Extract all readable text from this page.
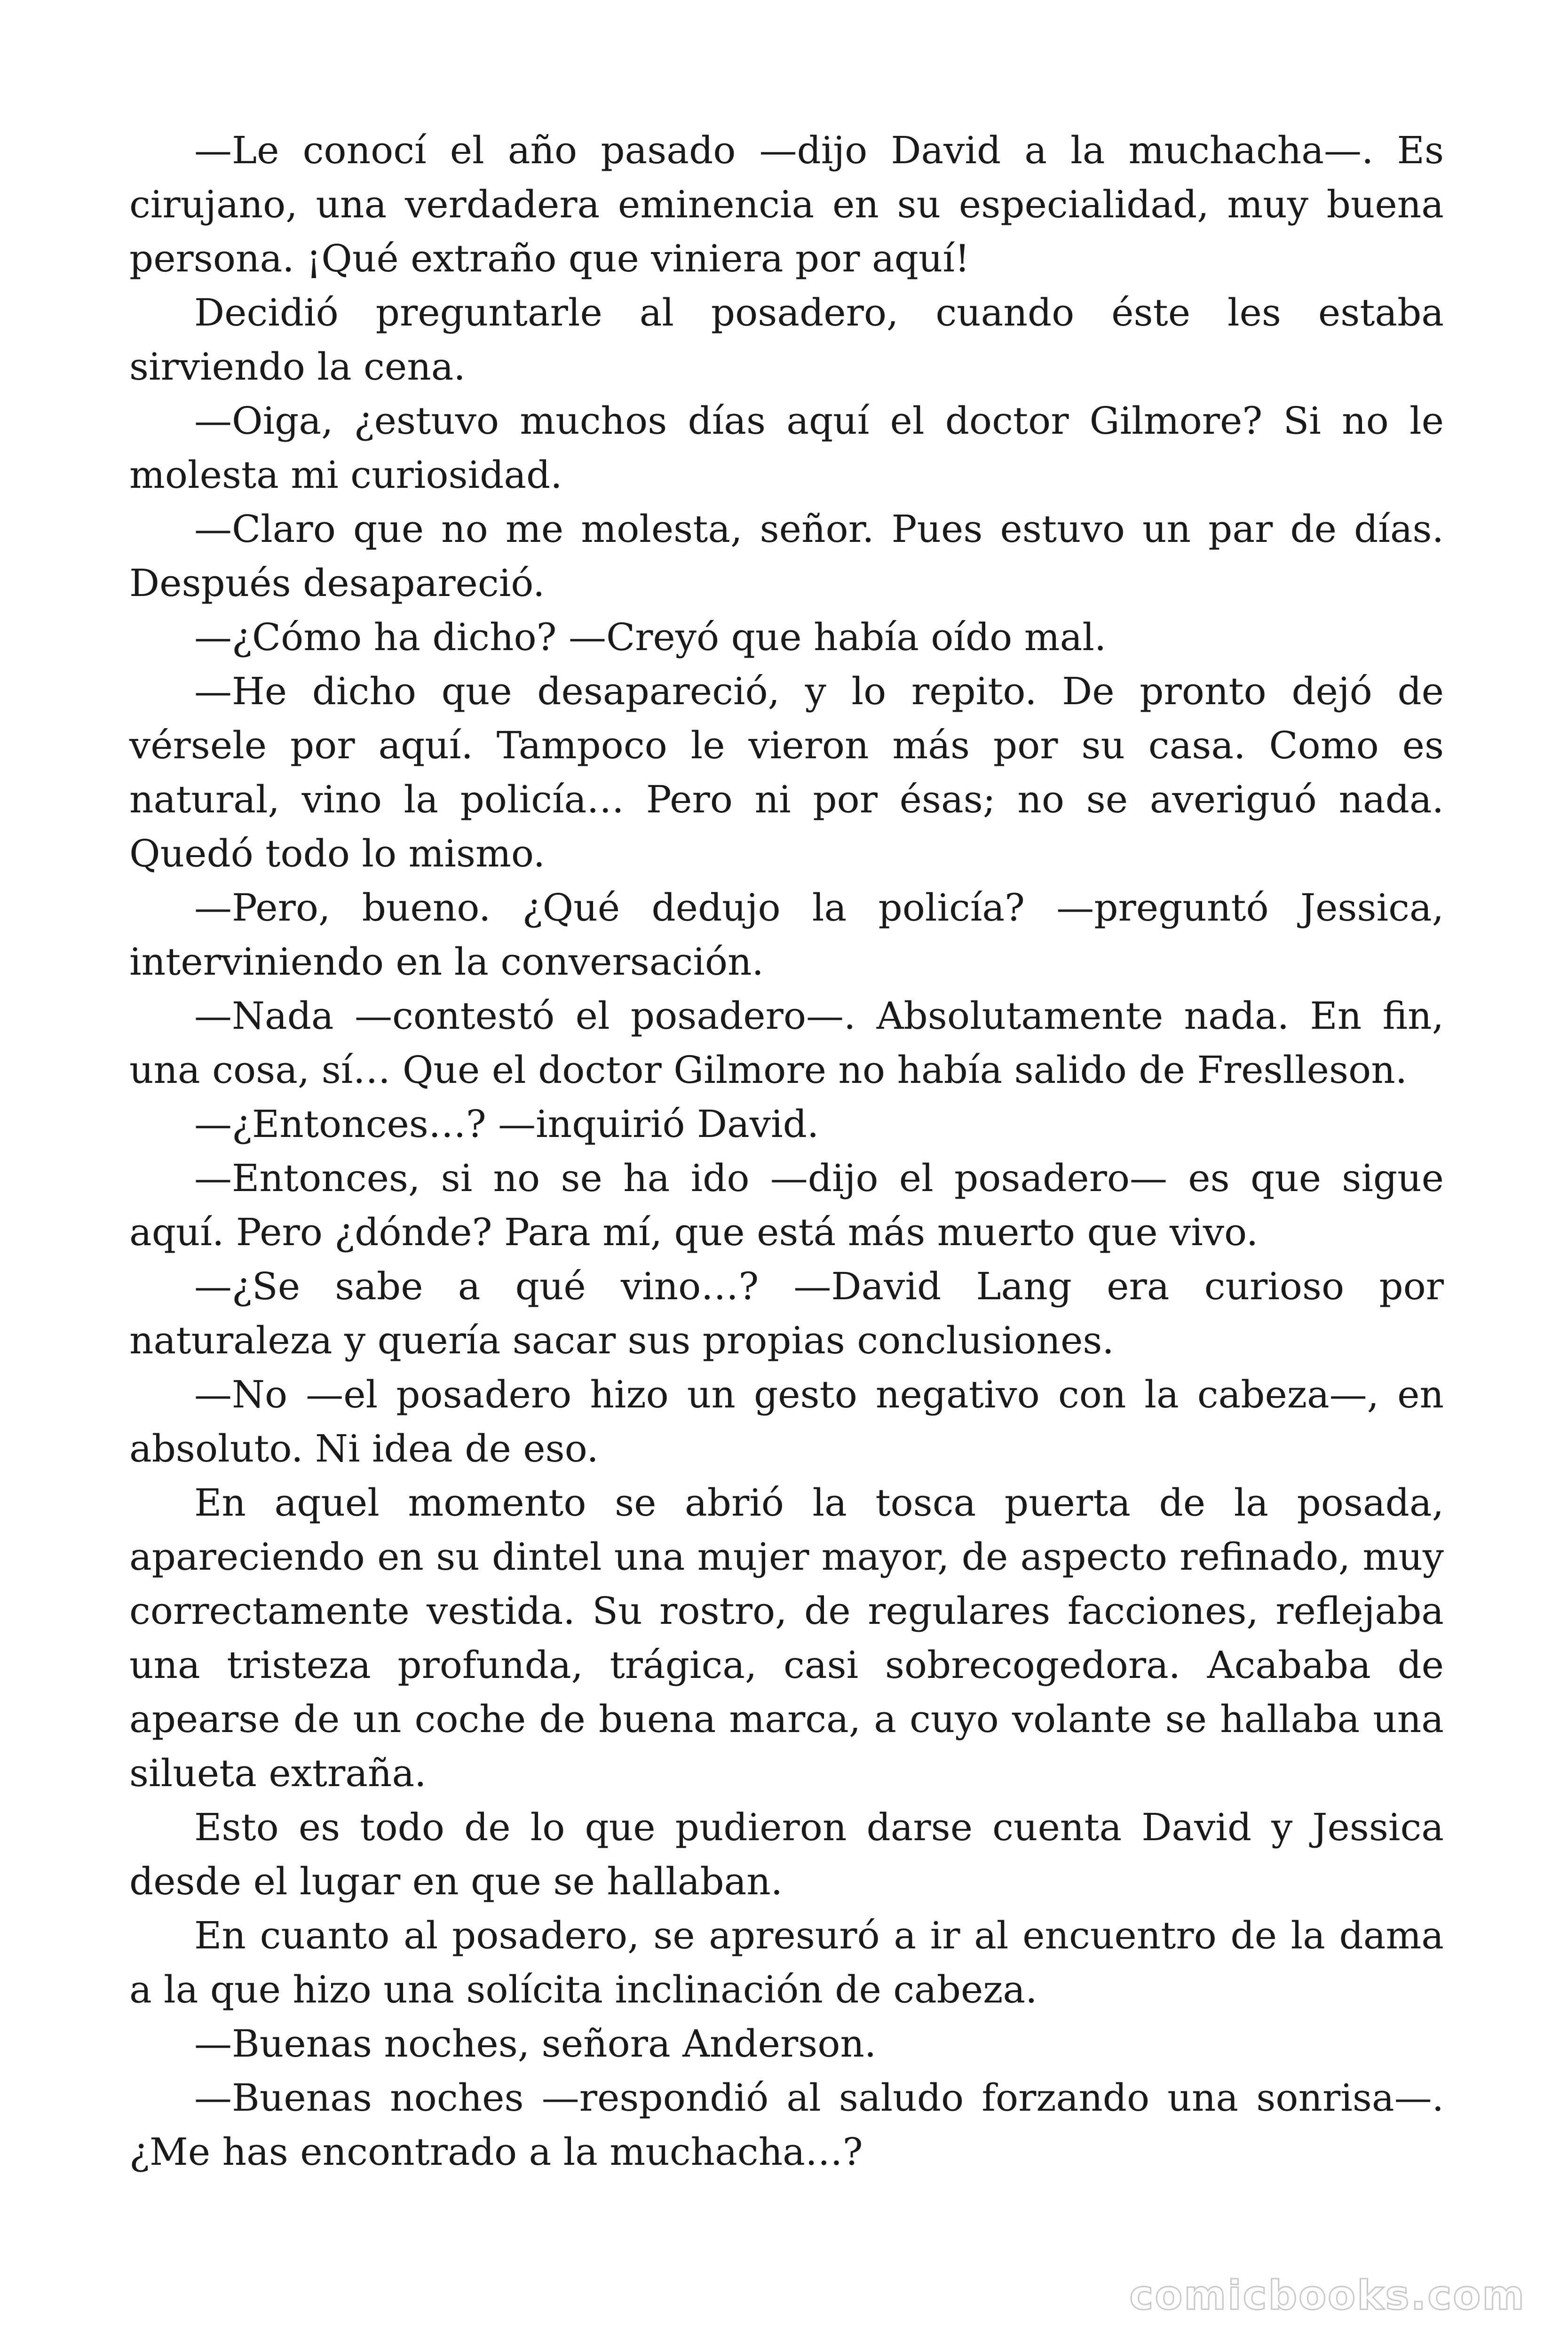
—Le conocí el año pasado —dijo David a la muchacha—. Es cirujano, una verdadera eminencia en su especialidad, muy buena persona. ¡Qué extraño que viniera por aquí!

Decidió preguntarle al posadero, cuando éste les estaba sirviendo la cena.

—Oiga, ¿estuvo muchos días aquí el doctor Gilmore? Si no le molesta mi curiosidad.

—Claro que no me molesta, señor. Pues estuvo un par de días. Después desapareció.

—¿Cómo ha dicho? —Creyó que había oído mal.

—He dicho que desapareció, y lo repito. De pronto dejó de vérsele por aquí. Tampoco le vieron más por su casa. Como es natural, vino la policía… Pero ni por ésas; no se averiguó nada. Quedó todo lo mismo.

—Pero, bueno. ¿Qué dedujo la policía? —preguntó Jessica, interviniendo en la conversación.

—Nada —contestó el posadero—. Absolutamente nada. En fin, una cosa, sí… Que el doctor Gilmore no había salido de Freslleson.

—¿Entonces…? —inquirió David.

—Entonces, si no se ha ido —dijo el posadero— es que sigue aquí. Pero ¿dónde? Para mí, que está más muerto que vivo.

—¿Se sabe a qué vino…? —David Lang era curioso por naturaleza y quería sacar sus propias conclusiones.

—No —el posadero hizo un gesto negativo con la cabeza—, en absoluto. Ni idea de eso.

En aquel momento se abrió la tosca puerta de la posada, apareciendo en su dintel una mujer mayor, de aspecto refinado, muy correctamente vestida. Su rostro, de regulares facciones, reflejaba una tristeza profunda, trágica, casi sobrecogedora. Acababa de apearse de un coche de buena marca, a cuyo volante se hallaba una silueta extraña.

Esto es todo de lo que pudieron darse cuenta David y Jessica desde el lugar en que se hallaban.

En cuanto al posadero, se apresuró a ir al encuentro de la dama a la que hizo una solícita inclinación de cabeza.

—Buenas noches, señora Anderson.

—Buenas noches —respondió al saludo forzando una sonrisa—. ¿Me has encontrado a la muchacha…?

comicbooks.com
